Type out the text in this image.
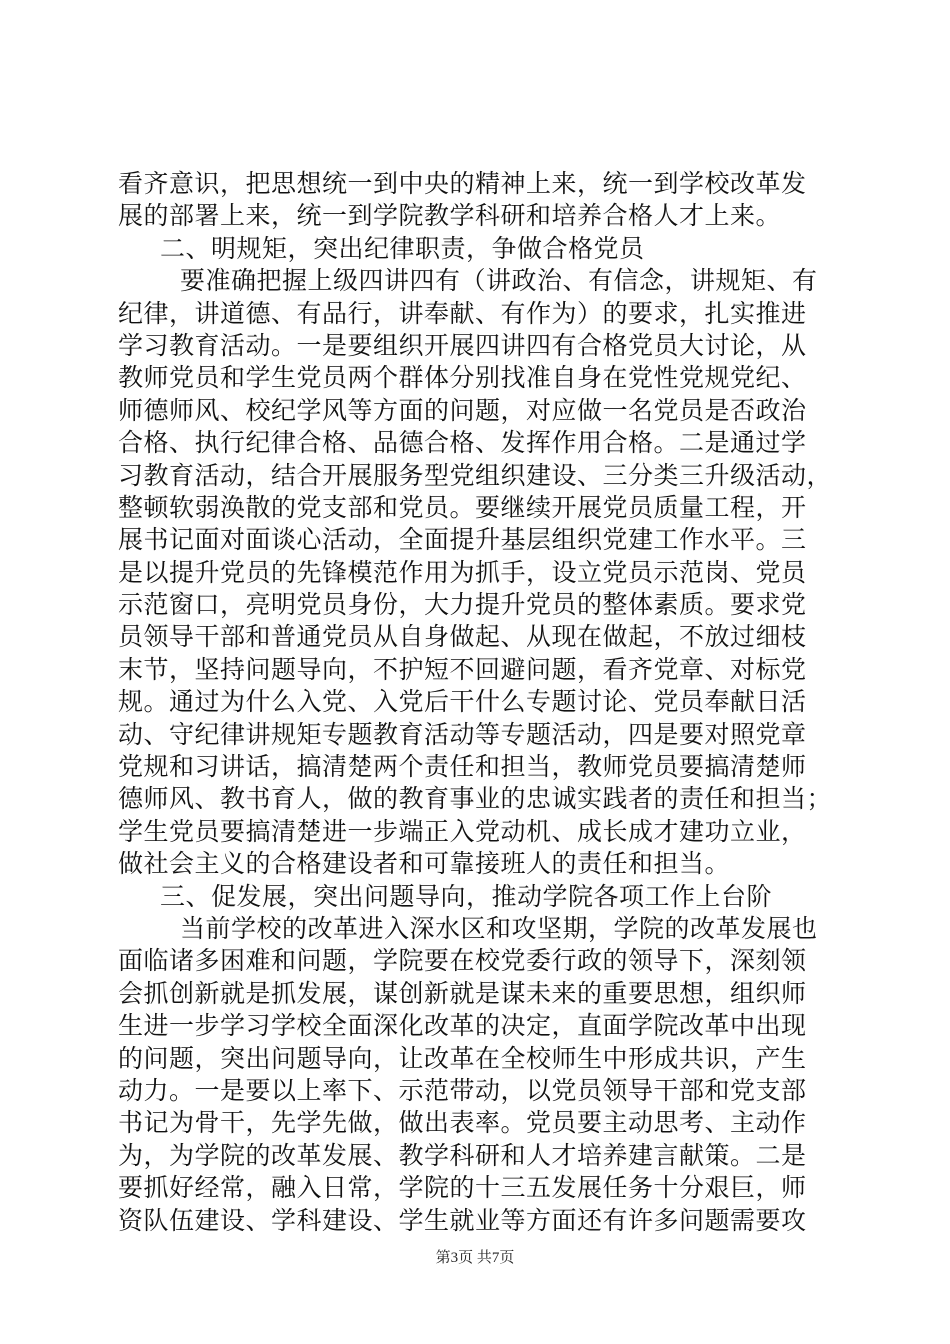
看齐意识，把思想统一到中央的精神上来，统一到学校改革发
展的部署上来，统一到学院教学科研和培养合格人才上来。
二、明规矩，突出纪律职责，争做合格党员
要准确把握上级四讲四有（讲政治、有信念，讲规矩、有
纪律，讲道德、有品行，讲奉献、有作为）的要求，扎实推进
学习教育活动。一是要组织开展四讲四有合格党员大讨论，从
教师党员和学生党员两个群体分别找准自身在党性党规党纪、
师德师风、校纪学风等方面的问题，对应做一名党员是否政治
合格、执行纪律合格、品德合格、发挥作用合格。二是通过学
习教育活动，结合开展服务型党组织建设、三分类三升级活动，
整顿软弱涣散的党支部和党员。要继续开展党员质量工程，开
展书记面对面谈心活动，全面提升基层组织党建工作水平。三
是以提升党员的先锋模范作用为抓手，设立党员示范岗、党员
示范窗口，亮明党员身份，大力提升党员的整体素质。要求党
员领导干部和普通党员从自身做起、从现在做起，不放过细枝
末节，坚持问题导向，不护短不回避问题，看齐党章、对标党
规。通过为什么入党、入党后干什么专题讨论、党员奉献日活
动、守纪律讲规矩专题教育活动等专题活动，四是要对照党章
党规和习讲话，搞清楚两个责任和担当，教师党员要搞清楚师
德师风、教书育人，做的教育事业的忠诚实践者的责任和担当；
学生党员要搞清楚进一步端正入党动机、成长成才建功立业，
做社会主义的合格建设者和可靠接班人的责任和担当。
三、促发展，突出问题导向，推动学院各项工作上台阶
当前学校的改革进入深水区和攻坚期，学院的改革发展也
面临诸多困难和问题，学院要在校党委行政的领导下，深刻领
会抓创新就是抓发展，谋创新就是谋未来的重要思想，组织师
生进一步学习学校全面深化改革的决定，直面学院改革中出现
的问题，突出问题导向，让改革在全校师生中形成共识，产生
动力。一是要以上率下、示范带动，以党员领导干部和党支部
书记为骨干，先学先做，做出表率。党员要主动思考、主动作
为，为学院的改革发展、教学科研和人才培养建言献策。二是
要抓好经常，融入日常，学院的十三五发展任务十分艰巨，师
资队伍建设、学科建设、学生就业等方面还有许多问题需要攻
第3页 共7页
